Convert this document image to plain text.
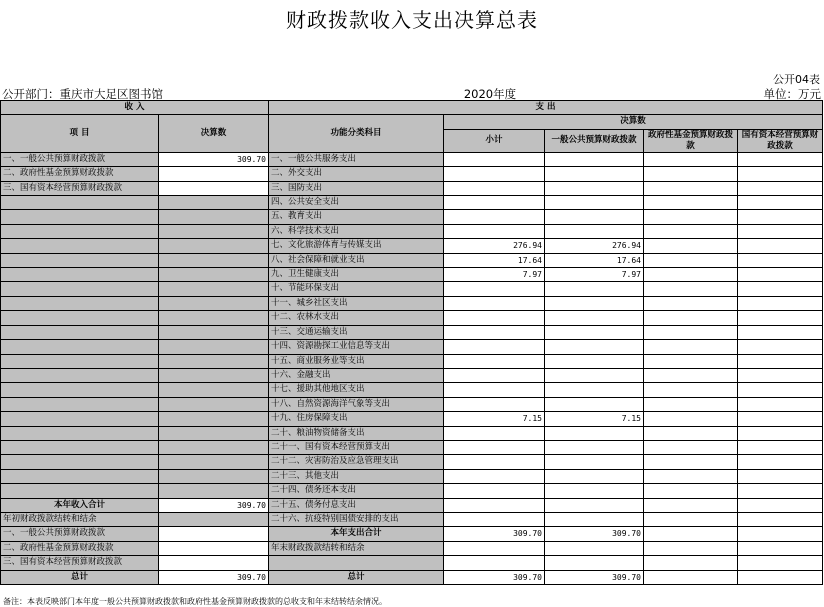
财政拨款收入支出决算总表
公开04表
公开部门：重庆市大足区图书馆	2020年度	单位：万元
收 入		支 出				
项 目	决算数	功能分类科目	决算数			
			小计	一般公共预算财政拨款	政府性基金预算财政拨款	国有资本经营预算财政拨款

一、一般公共预算财政拨款	309.70	一、一般公共服务支出				
二、政府性基金预算财政拨款		二、外交支出				
三、国有资本经营预算财政拨款		三、国防支出				
		四、公共安全支出				
		五、教育支出				
		六、科学技术支出				
		七、文化旅游体育与传媒支出	276.94	276.94		
		八、社会保障和就业支出	17.64	17.64		
		九、卫生健康支出	7.97	7.97		
		十、节能环保支出				
		十一、城乡社区支出				
		十二、农林水支出				
		十三、交通运输支出				
		十四、资源勘探工业信息等支出				
		十五、商业服务业等支出				
		十六、金融支出				
		十七、援助其他地区支出				
		十八、自然资源海洋气象等支出				
		十九、住房保障支出	7.15	7.15		
		二十、粮油物资储备支出				
		二十一、国有资本经营预算支出				
		二十二、灾害防治及应急管理支出				
		二十三、其他支出				
		二十四、债务还本支出				
本年收入合计	309.70	二十五、债务付息支出				
年初财政拨款结转和结余		二十六、抗疫特别国债安排的支出				
一、一般公共预算财政拨款		本年支出合计	309.70	309.70		
二、政府性基金预算财政拨款		年末财政拨款结转和结余				
三、国有资本经营预算财政拨款						
总计	309.70	总计	309.70	309.70		
备注：本表反映部门本年度一般公共预算财政拨款和政府性基金预算财政拨款的总收支和年末结转结余情况。
